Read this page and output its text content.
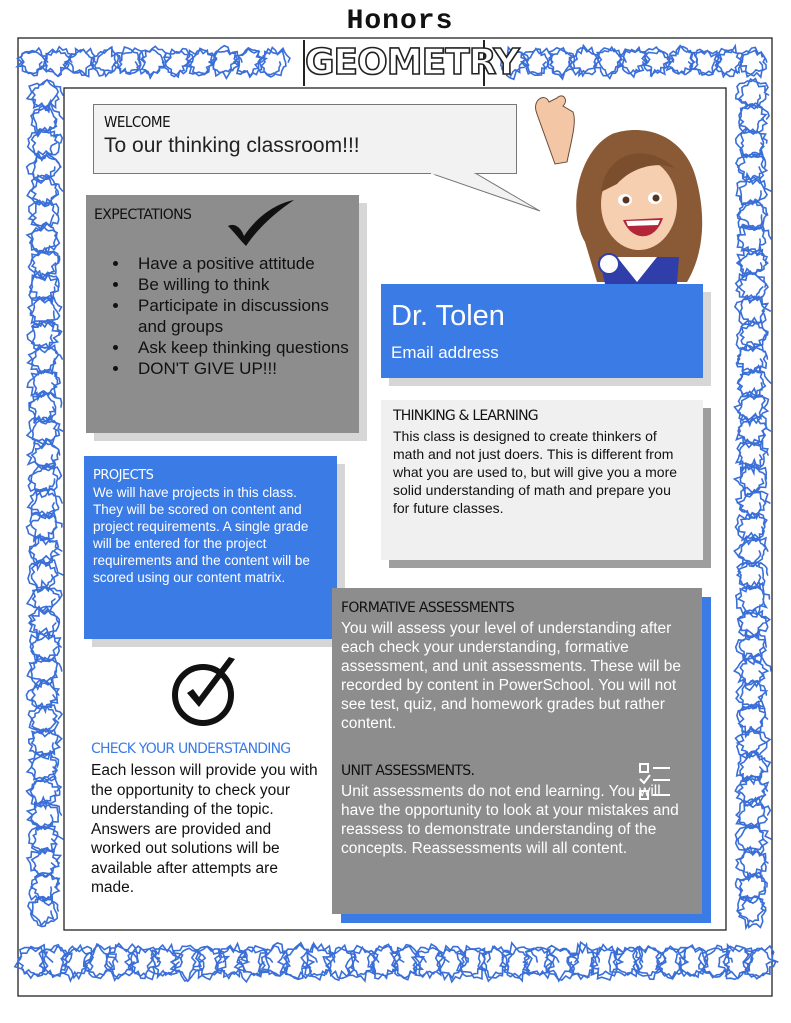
Honors
GEOMETRY
WELCOME
To our thinking classroom!!!
EXPECTATIONS
• Have a positive attitude
• Be willing to think
• Participate in discussions and groups
• Ask keep thinking questions
• DON'T GIVE UP!!!
Dr. Tolen
Email address
THINKING & LEARNING
This class is designed to create thinkers of math and not just doers. This is different from what you are used to, but will give you a more solid understanding of math and prepare you for future classes.
PROJECTS
We will have projects in this class. They will be scored on content and project requirements. A single grade will be entered for the project requirements and the content will be scored using our content matrix.
FORMATIVE ASSESSMENTS
You will assess your level of understanding after each check your understanding, formative assessment, and unit assessments. These will be recorded by content in PowerSchool. You will not see test, quiz, and homework grades but rather content.
UNIT ASSESSMENTS.
Unit assessments do not end learning. You will have the opportunity to look at your mistakes and reassess to demonstrate understanding of the concepts. Reassessments will all content.
CHECK YOUR UNDERSTANDING
Each lesson will provide you with the opportunity to check your understanding of the topic. Answers are provided and worked out solutions will be available after attempts are made.
